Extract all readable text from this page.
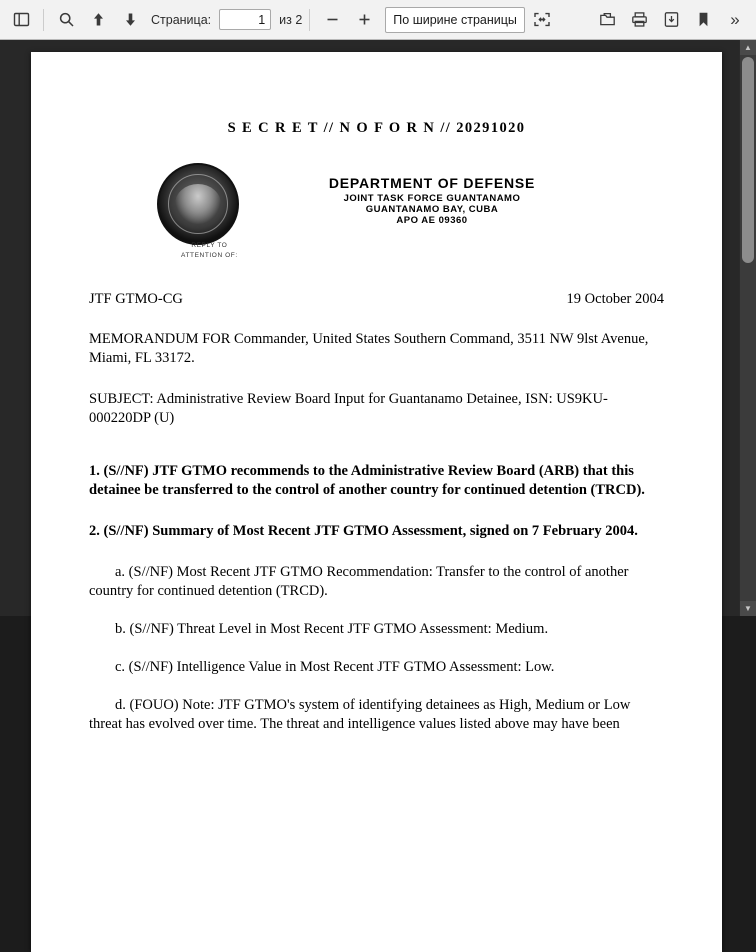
Страница:
1	из 2	По ширине страницы	»
S E C R E T // N O F O R N // 20291020
REPLY TO
ATTENTION OF:
DEPARTMENT OF DEFENSE
JOINT TASK FORCE GUANTANAMO
GUANTANAMO BAY, CUBA
APO AE 09360
JTF GTMO-CG	19 October 2004
MEMORANDUM FOR Commander, United States Southern Command, 3511 NW 9lst Avenue, Miami, FL 33172.
SUBJECT: Administrative Review Board Input for Guantanamo Detainee, ISN: US9KU-000220DP (U)
1. (S//NF) JTF GTMO recommends to the Administrative Review Board (ARB) that this detainee be transferred to the control of another country for continued detention (TRCD).
2. (S//NF) Summary of Most Recent JTF GTMO Assessment, signed on 7 February 2004.
a. (S//NF) Most Recent JTF GTMO Recommendation: Transfer to the control of another country for continued detention (TRCD).
b. (S//NF) Threat Level in Most Recent JTF GTMO Assessment: Medium.
c. (S//NF) Intelligence Value in Most Recent JTF GTMO Assessment: Low.
d. (FOUO) Note: JTF GTMO's system of identifying detainees as High, Medium or Low threat has evolved over time. The threat and intelligence values listed above may have been
▲
▼
